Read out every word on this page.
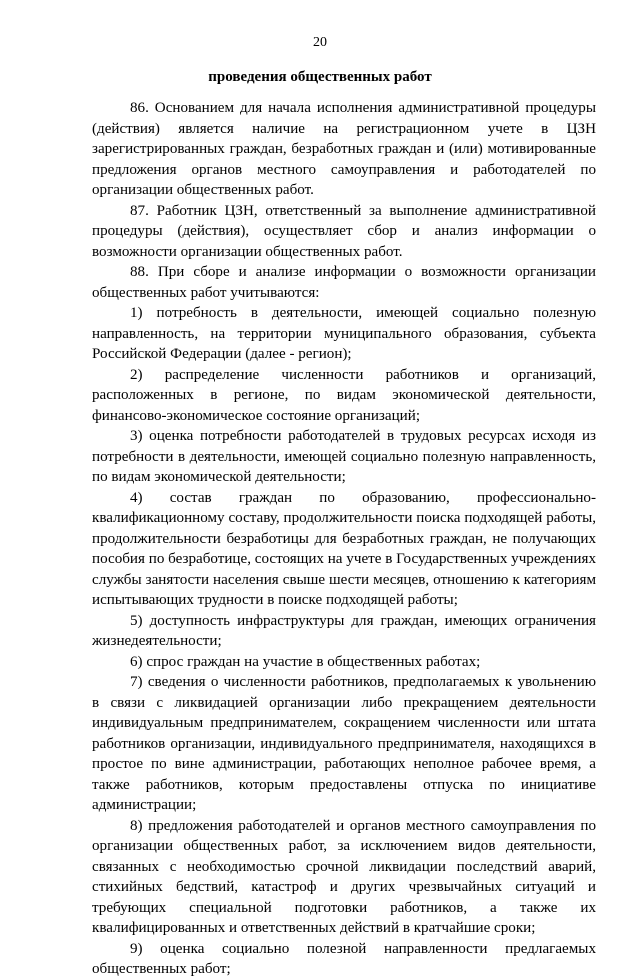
20
проведения общественных работ

86. Основанием для начала исполнения административной процедуры (действия) является наличие на регистрационном учете в ЦЗН зарегистрированных граждан, безработных граждан и (или) мотивированные предложения органов местного самоуправления и работодателей по организации общественных работ.

87. Работник ЦЗН, ответственный за выполнение административной процедуры (действия), осуществляет сбор и анализ информации о возможности организации общественных работ.

88. При сборе и анализе информации о возможности организации общественных работ учитываются:

1) потребность в деятельности, имеющей социально полезную направленность, на территории муниципального образования, субъекта Российской Федерации (далее - регион);

2) распределение численности работников и организаций, расположенных в регионе, по видам экономической деятельности, финансово-экономическое состояние организаций;

3) оценка потребности работодателей в трудовых ресурсах исходя из потребности в деятельности, имеющей социально полезную направленность, по видам экономической деятельности;

4) состав граждан по образованию, профессионально-квалификационному составу, продолжительности поиска подходящей работы, продолжительности безработицы для безработных граждан, не получающих пособия по безработице, состоящих на учете в Государственных учреждениях службы занятости населения свыше шести месяцев, отношению к категориям испытывающих трудности в поиске подходящей работы;

5) доступность инфраструктуры для граждан, имеющих ограничения жизнедеятельности;

6) спрос граждан на участие в общественных работах;

7) сведения о численности работников, предполагаемых к увольнению в связи с ликвидацией организации либо прекращением деятельности индивидуальным предпринимателем, сокращением численности или штата работников организации, индивидуального предпринимателя, находящихся в простое по вине администрации, работающих неполное рабочее время, а также работников, которым предоставлены отпуска по инициативе администрации;

8) предложения работодателей и органов местного самоуправления по организации общественных работ, за исключением видов деятельности, связанных с необходимостью срочной ликвидации последствий аварий, стихийных бедствий, катастроф и других чрезвычайных ситуаций и требующих специальной подготовки работников, а также их квалифицированных и ответственных действий в кратчайшие сроки;

9) оценка социально полезной направленности предлагаемых общественных работ;
